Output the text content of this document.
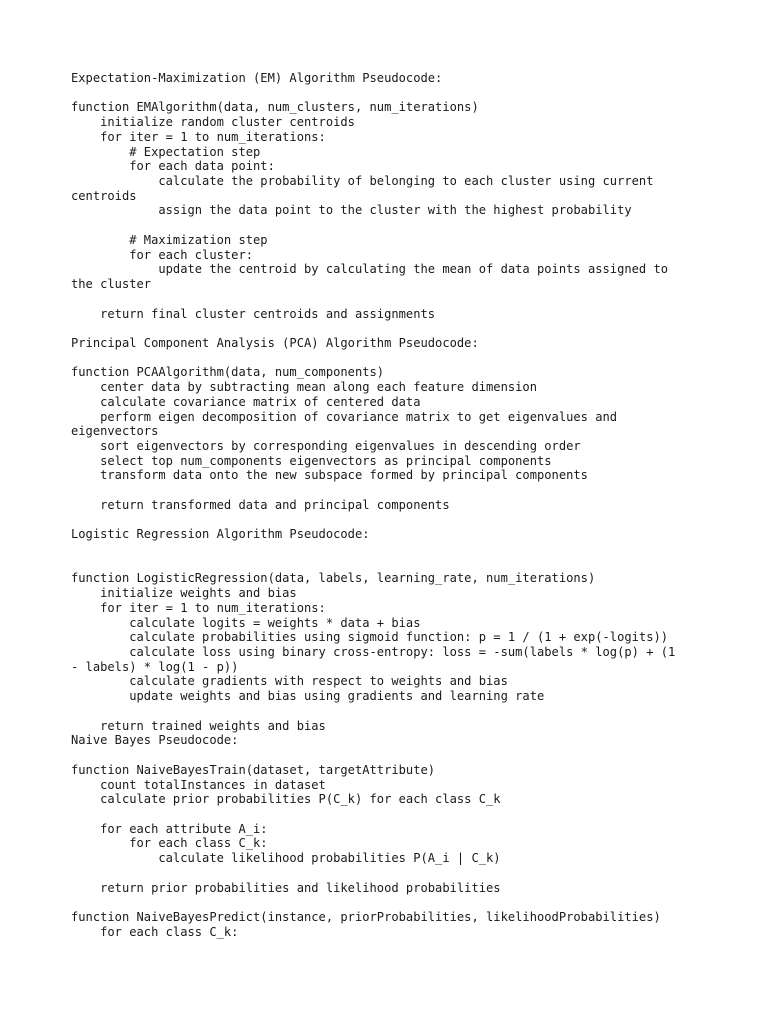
Expectation-Maximization (EM) Algorithm Pseudocode:
function EMAlgorithm(data, num_clusters, num_iterations)
initialize random cluster centroids
for iter = 1 to num_iterations:
# Expectation step
for each data point:
calculate the probability of belonging to each cluster using current
centroids
assign the data point to the cluster with the highest probability
# Maximization step
for each cluster:
update the centroid by calculating the mean of data points assigned to
the cluster
return final cluster centroids and assignments
Principal Component Analysis (PCA) Algorithm Pseudocode:
function PCAAlgorithm(data, num_components)
center data by subtracting mean along each feature dimension
calculate covariance matrix of centered data
perform eigen decomposition of covariance matrix to get eigenvalues and
eigenvectors
sort eigenvectors by corresponding eigenvalues in descending order
select top num_components eigenvectors as principal components
transform data onto the new subspace formed by principal components
return transformed data and principal components
Logistic Regression Algorithm Pseudocode:
function LogisticRegression(data, labels, learning_rate, num_iterations)
initialize weights and bias
for iter = 1 to num_iterations:
calculate logits = weights * data + bias
calculate probabilities using sigmoid function: p = 1 / (1 + exp(-logits))
calculate loss using binary cross-entropy: loss = -sum(labels * log(p) + (1
- labels) * log(1 - p))
calculate gradients with respect to weights and bias
update weights and bias using gradients and learning rate
return trained weights and bias
Naive Bayes Pseudocode:
function NaiveBayesTrain(dataset, targetAttribute)
count totalInstances in dataset
calculate prior probabilities P(C_k) for each class C_k
for each attribute A_i:
for each class C_k:
calculate likelihood probabilities P(A_i | C_k)
return prior probabilities and likelihood probabilities
function NaiveBayesPredict(instance, priorProbabilities, likelihoodProbabilities)
for each class C_k:
